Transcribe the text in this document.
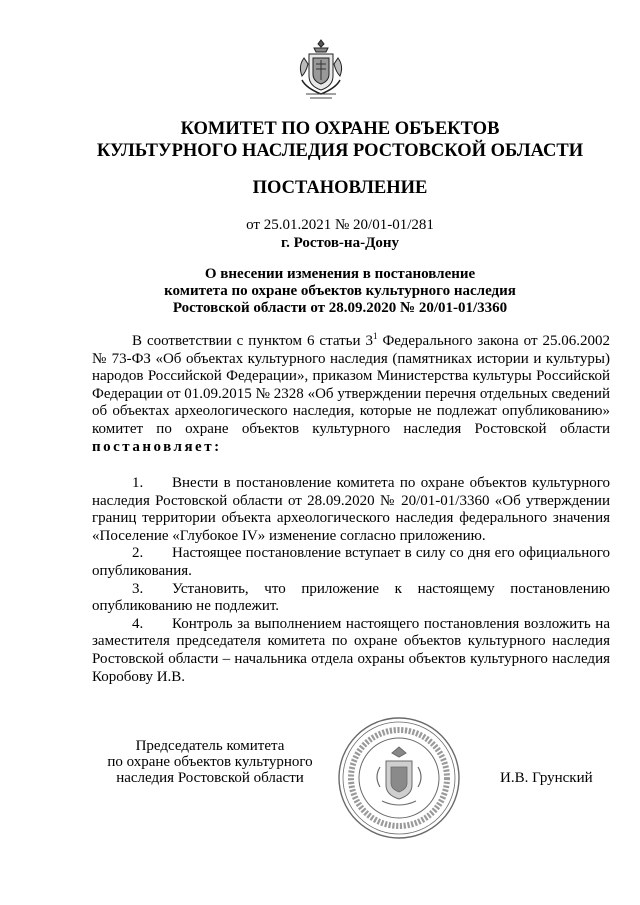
КОМИТЕТ ПО ОХРАНЕ ОБЪЕКТОВ
КУЛЬТУРНОГО НАСЛЕДИЯ РОСТОВСКОЙ ОБЛАСТИ
ПОСТАНОВЛЕНИЕ
от 25.01.2021 № 20/01-01/281
г. Ростов-на-Дону
О внесении изменения в постановление
комитета по охране объектов культурного наследия
Ростовской области от 28.09.2020 № 20/01-01/3360

В соответствии с пунктом 6 статьи $3^1$ Федерального закона от 25.06.2002 № 73-ФЗ «Об объектах культурного наследия (памятниках истории и культуры) народов Российской Федерации», приказом Министерства культуры Российской Федерации от 01.09.2015 № 2328 «Об утверждении перечня отдельных сведений об объектах археологического наследия, которые не подлежат опубликованию» комитет по охране объектов культурного наследия Ростовской области постановляет:

1. Внести в постановление комитета по охране объектов культурного наследия Ростовской области от 28.09.2020 № 20/01-01/3360 «Об утверждении границ территории объекта археологического наследия федерального значения «Поселение «Глубокое IV» изменение согласно приложению.

2. Настоящее постановление вступает в силу со дня его официального опубликования.

3. Установить, что приложение к настоящему постановлению опубликованию не подлежит.

4. Контроль за выполнением настоящего постановления возложить на заместителя председателя комитета по охране объектов культурного наследия Ростовской области – начальника отдела охраны объектов культурного наследия Коробову И.В.

Председатель комитета
по охране объектов культурного
наследия Ростовской области	И.В. Грунский
